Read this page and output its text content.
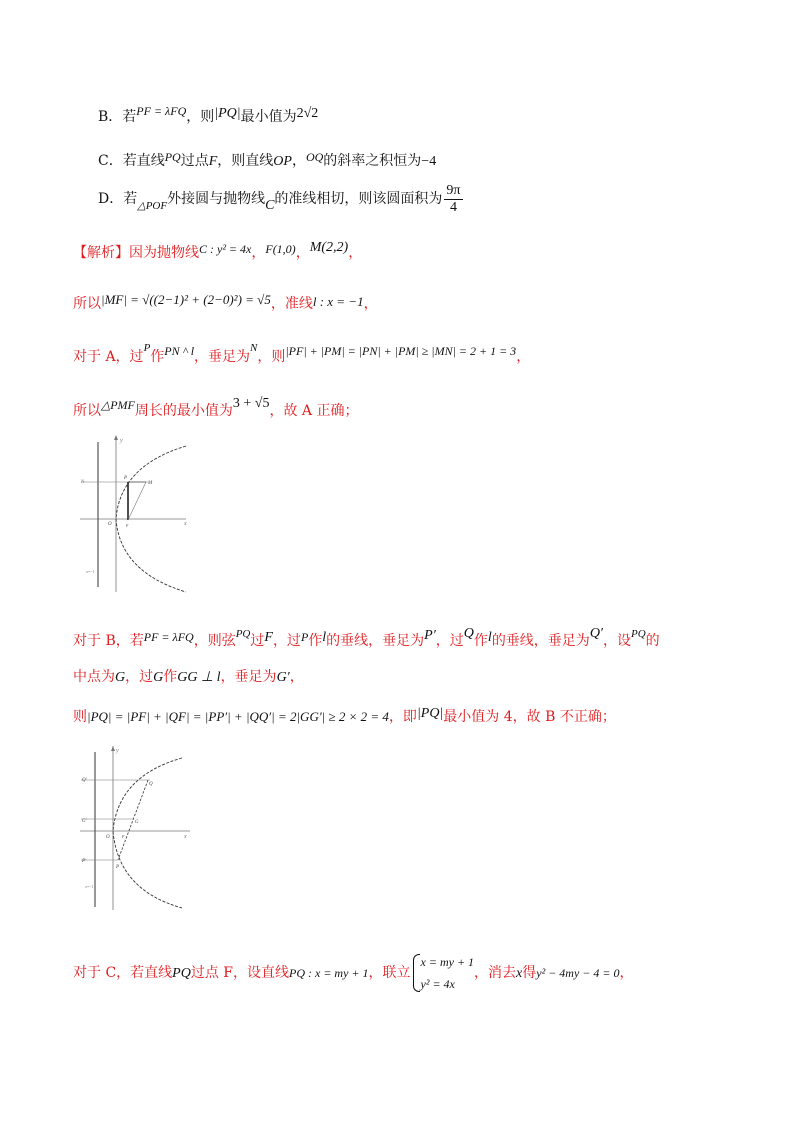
B．若PF = λFQ，则|PQ|最小值为2√2
C．若直线PQ过点F，则直线OP，OQ的斜率之积恒为−4
D．若$_{\triangle POF}$外接圆与抛物线C的准线相切，则该圆面积为 $\frac{9\pi}{4}$
【解析】因为抛物线C : y² = 4x，F(1,0)，M(2,2)，
所以|MF| = √((2−1)² + (2−0)²) = √5，准线l : x = −1，
对于 A，过$^P$作PN ^ l，垂足为$^N$，则|PF| + |PM| = |PN| + |PM| ≥ |MN| = 2 + 1 = 3，
所以△PMF周长的最小值为3 + √5，故 A 正确；
y
x
x=−1
N
P
M
O	F
对于 B，若PF = λFQ，则弦$^{PQ}$过F，过P作l的垂线，垂足为P′，过Q作l的垂线，垂足为Q′，设$^{PQ}$的
中点为G，过G作GG ⊥ l，垂足为G′，
则|PQ| = |PF| + |QF| = |PP′| + |QQ′| = 2|GG′| ≥ 2 × 2 = 4，即|PQ|最小值为 4，故 B 不正确；
y
x
x=−1
Q′
Q
G′	G
O	F
P′
P
对于 C，若直线PQ过点 F，设直线PQ : x = my + 1，联立
x = my + 1
y² = 4x
，消去x得y² − 4my − 4 = 0，
